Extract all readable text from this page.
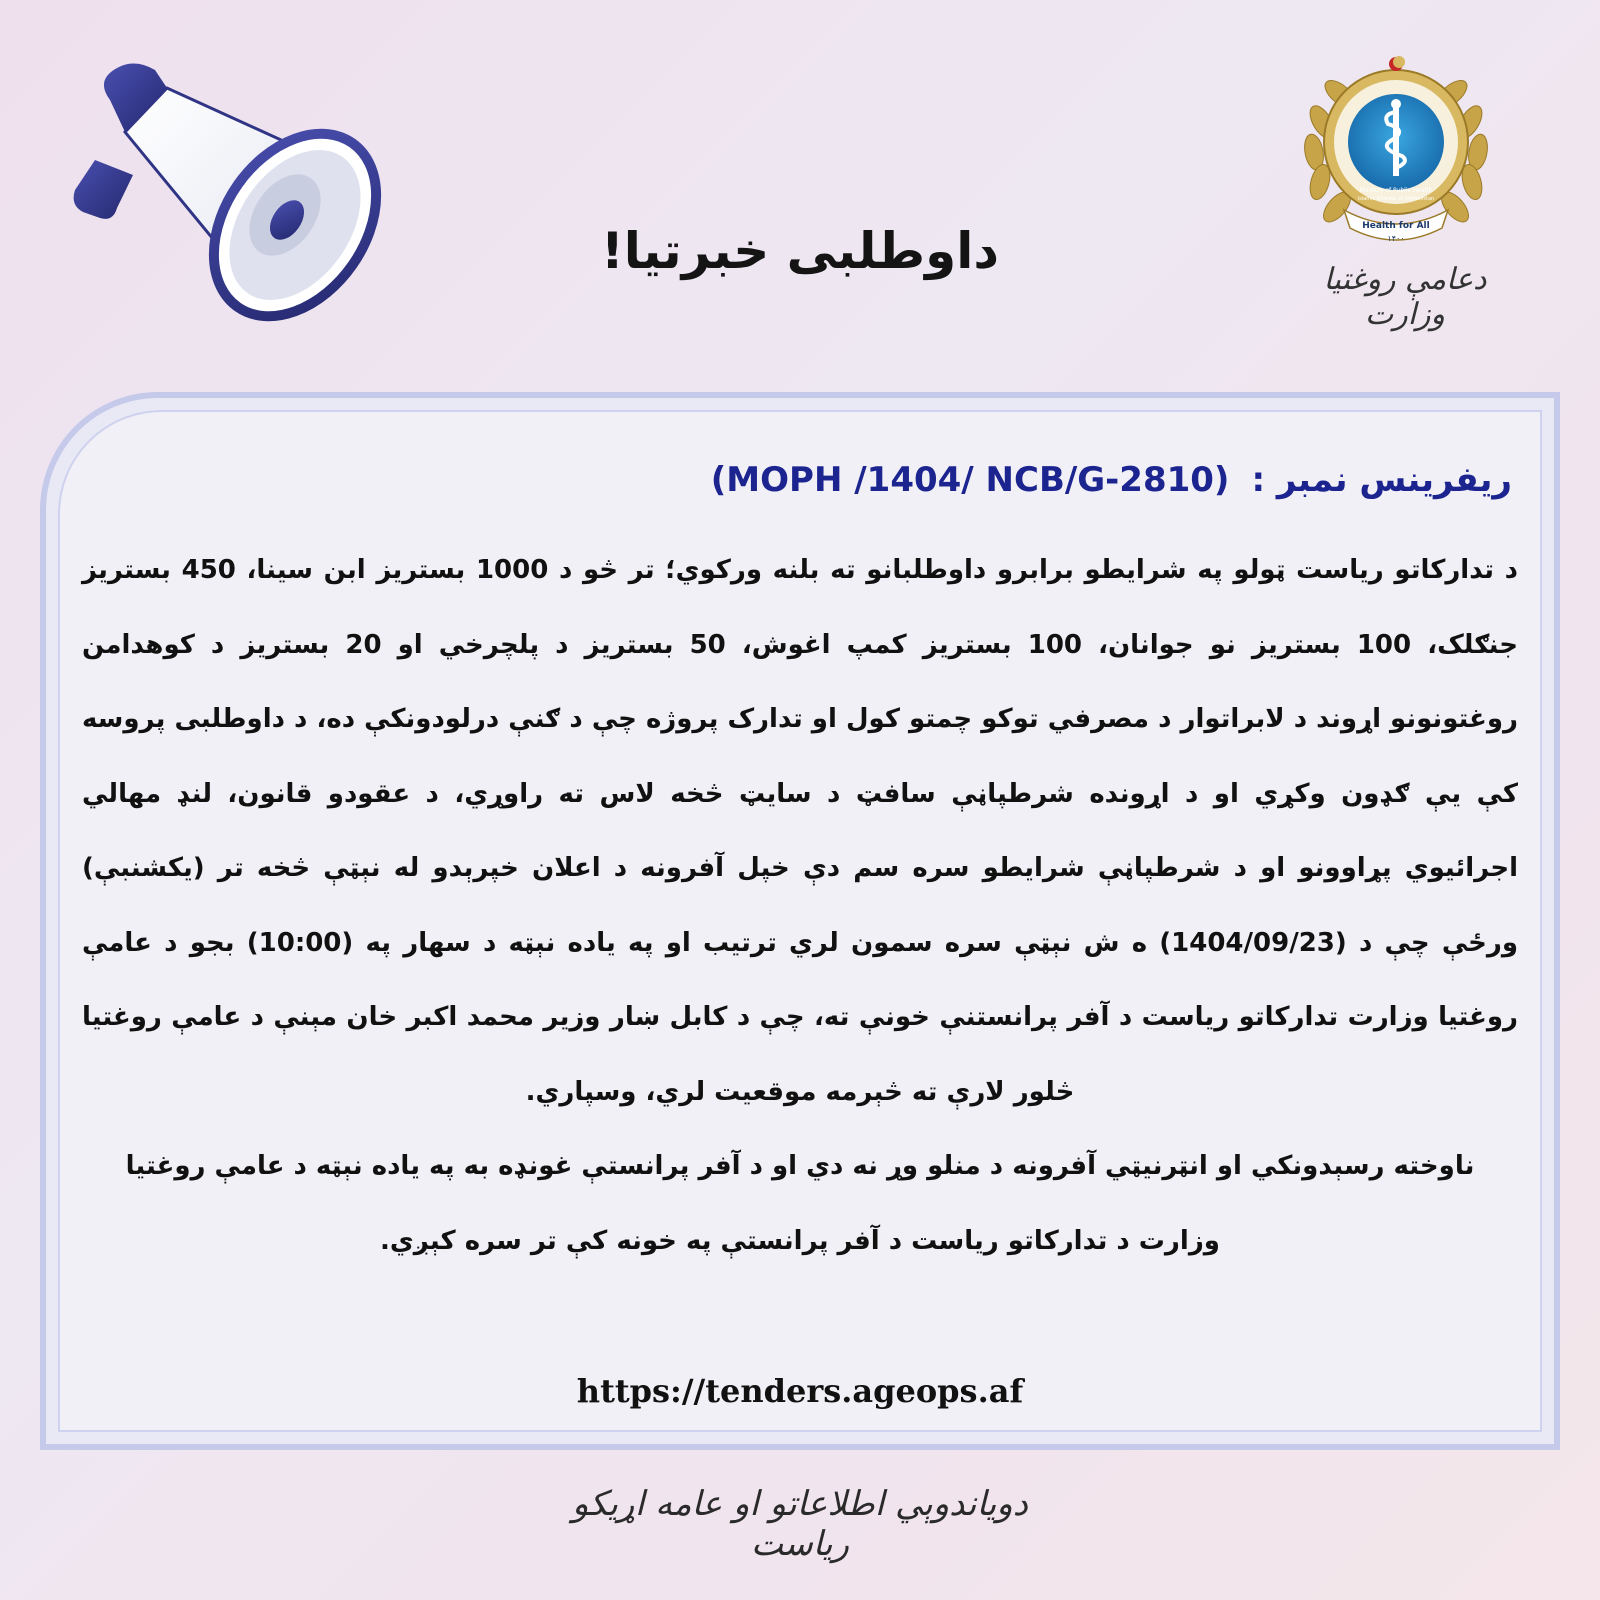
داوطلبی خبرتیا!	Health for All
۱۴۰۰
Ministry of Public Health
Islamic Emirate of Afghanistan
دعامې روغتيا وزارت
ريفرينس نمبر :(MOPH /1404/ NCB/G-2810)

د تدارکاتو رياست ټولو په شرايطو برابرو داوطلبانو ته بلنه ورکوي؛ تر څو د 1000 بستريز ابن سينا، 450 بستريز جنګلک، 100 بستريز نو جوانان، 100 بستريز کمپ اغوش، 50 بستريز د پلچرخي او 20 بستريز د کوهدامن روغتونونو اړوند د لابراتوار د مصرفي توکو چمتو کول او تدارک پروژه چې د ګنې درلودونکې ده، د داوطلبی پروسه کې يې ګډون وکړي او د اړونده شرطپاڼې سافټ د سايټ څخه لاس ته راوړي، د عقودو قانون، لنډ مهالي اجرائيوي پړاوونو او د شرطپاڼې شرايطو سره سم دې خپل آفرونه د اعلان خپرېدو له نېټې څخه تر (يکشنبې) ورځې چې د (1404/09/23) ه ش نېټې سره سمون لري ترتيب او په ياده نېټه د سهار په (10:00) بجو د عامې روغتيا وزارت تدارکاتو رياست د آفر پرانستنې خونې ته، چې د کابل ښار وزير محمد اکبر خان مېنې د عامې روغتيا څلور لارې ته څېرمه موقعيت لري، وسپاري.

ناوخته رسېدونکي او انټرنيټي آفرونه د منلو وړ نه دي او د آفر پرانستې غونډه به په ياده نېټه د عامې روغتيا وزارت د تدارکاتو رياست د آفر پرانستې په خونه کې تر سره کېږي.

https://tenders.ageops.af
دوياندوېي اطلاعاتو او عامه اړيکو رياست
